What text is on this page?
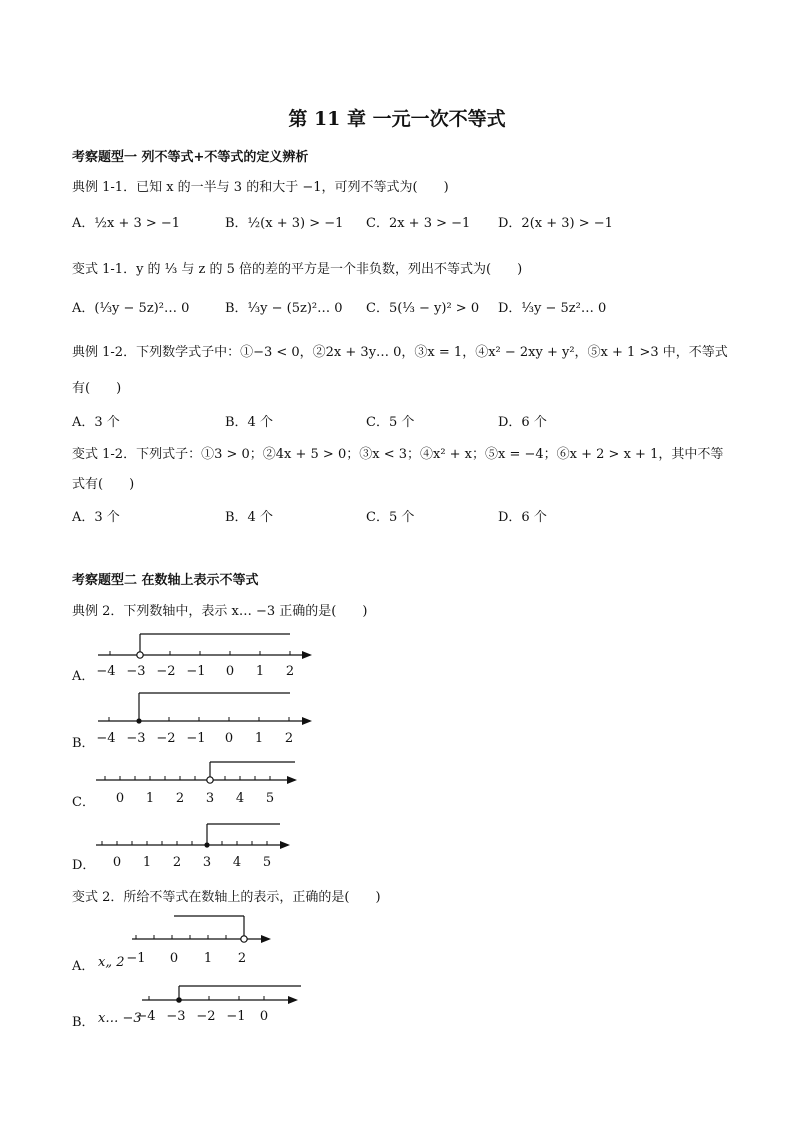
第 11 章 一元一次不等式
考察题型一 列不等式+不等式的定义辨析
典例 1-1．已知 x 的一半与 3 的和大于 −1，可列不等式为(　　)
A．½x + 3 > −1	B．½(x + 3) > −1 C．2x + 3 > −1 D．2(x + 3) > −1
变式 1-1．y 的 ⅓ 与 z 的 5 倍的差的平方是一个非负数，列出不等式为(　　)
A．(⅓y − 5z)²… 0	B．⅓y − (5z)²… 0 C．5(⅓ − y)² > 0 D．⅓y − 5z²… 0
典例 1-2．下列数学式子中：①−3 < 0，②2x + 3y… 0，③x = 1，④x² − 2xy + y²，⑤x + 1 >3 中，不等式
有(　　)
A．3 个	B．4 个	C．5 个	D．6 个
变式 1-2．下列式子：①3 > 0；②4x + 5 > 0；③x < 3；④x² + x；⑤x = −4；⑥x + 2 > x + 1，其中不等
式有(　　)
A．3 个	B．4 个	C．5 个	D．6 个
考察题型二 在数轴上表示不等式
典例 2．下列数轴中，表示 x… −3 正确的是(　　)
A． −4 −3 −2 −1 0 1 2
B． −4 −3 −2 −1 0 1 2
C． 0 1 2 3 4 5
D． 0 1 2 3 4 5
变式 2．所给不等式在数轴上的表示，正确的是(　　)
A． x„ 2 −1 0 1 2
B． x… −3
−4 −3 −2 −1 0
